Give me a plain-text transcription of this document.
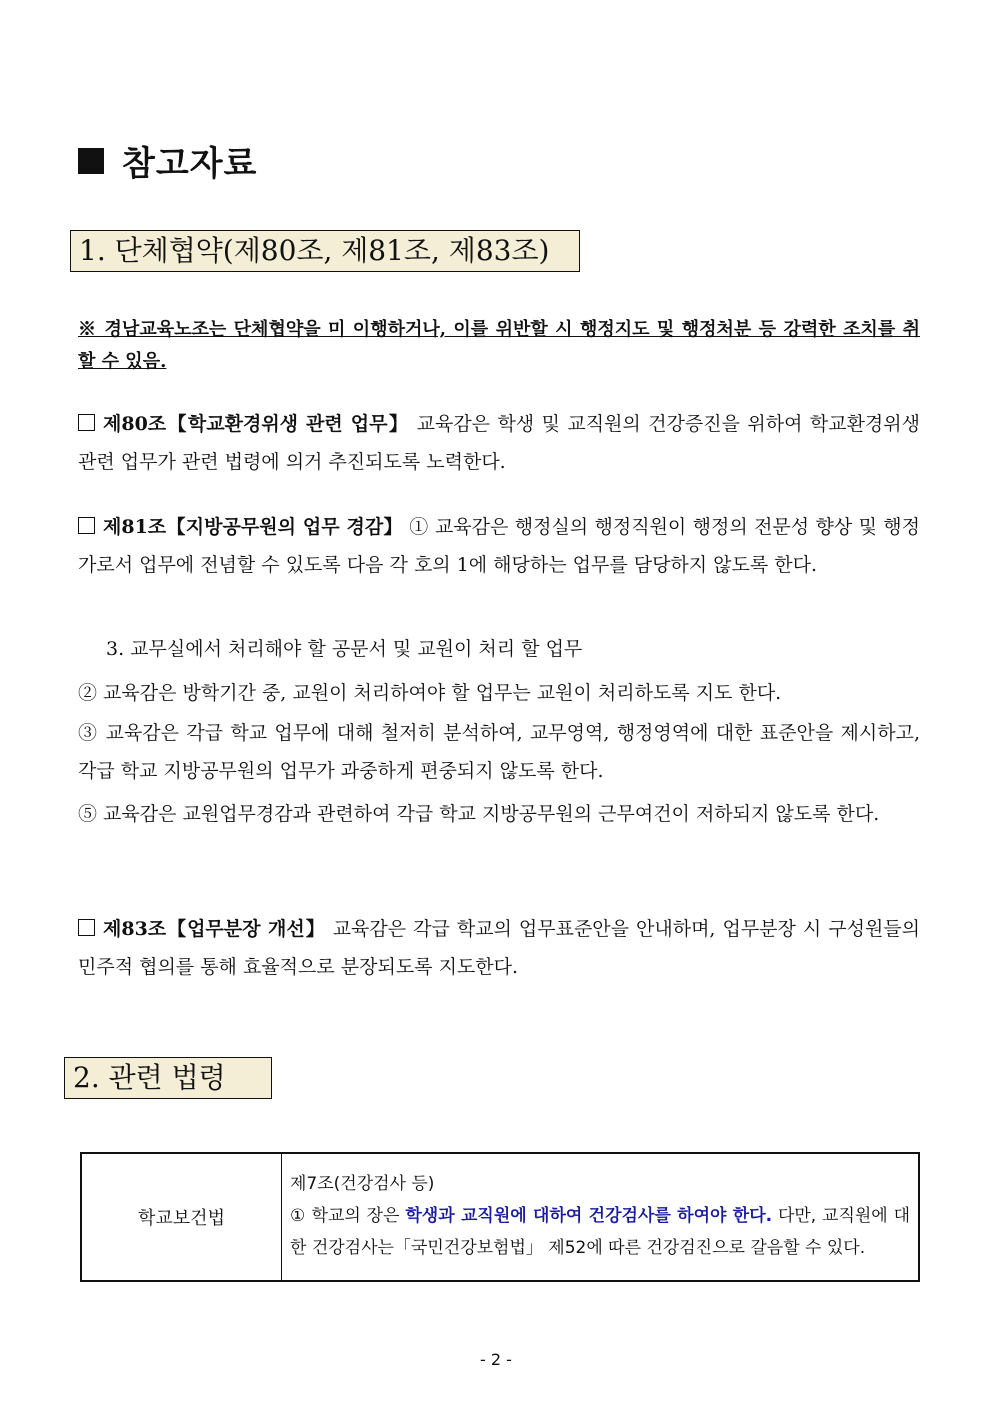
참고자료
1. 단체협약(제80조, 제81조, 제83조)
※ 경남교육노조는 단체협약을 미 이행하거나, 이를 위반할 시 행정지도 및 행정처분 등 강력한 조치를 취할 수 있음.
제80조【학교환경위생 관련 업무】 교육감은 학생 및 교직원의 건강증진을 위하여 학교환경위생 관련 업무가 관련 법령에 의거 추진되도록 노력한다.
제81조【지방공무원의 업무 경감】 ① 교육감은 행정실의 행정직원이 행정의 전문성 향상 및 행정가로서 업무에 전념할 수 있도록 다음 각 호의 1에 해당하는 업무를 담당하지 않도록 한다.
3. 교무실에서 처리해야 할 공문서 및 교원이 처리 할 업무
② 교육감은 방학기간 중, 교원이 처리하여야 할 업무는 교원이 처리하도록 지도 한다.
③ 교육감은 각급 학교 업무에 대해 철저히 분석하여, 교무영역, 행정영역에 대한 표준안을 제시하고, 각급 학교 지방공무원의 업무가 과중하게 편중되지 않도록 한다.
⑤ 교육감은 교원업무경감과 관련하여 각급 학교 지방공무원의 근무여건이 저하되지 않도록 한다.
제83조【업무분장 개선】 교육감은 각급 학교의 업무표준안을 안내하며, 업무분장 시 구성원들의 민주적 협의를 통해 효율적으로 분장되도록 지도한다.
2. 관련 법령
학교보건법	
제7조(건강검사 등)
① 학교의 장은 학생과 교직원에 대하여 건강검사를 하여야 한다. 다만, 교직원에 대한 건강검사는「국민건강보험법」 제52에 따른 건강검진으로 갈음할 수 있다.
- 2 -
